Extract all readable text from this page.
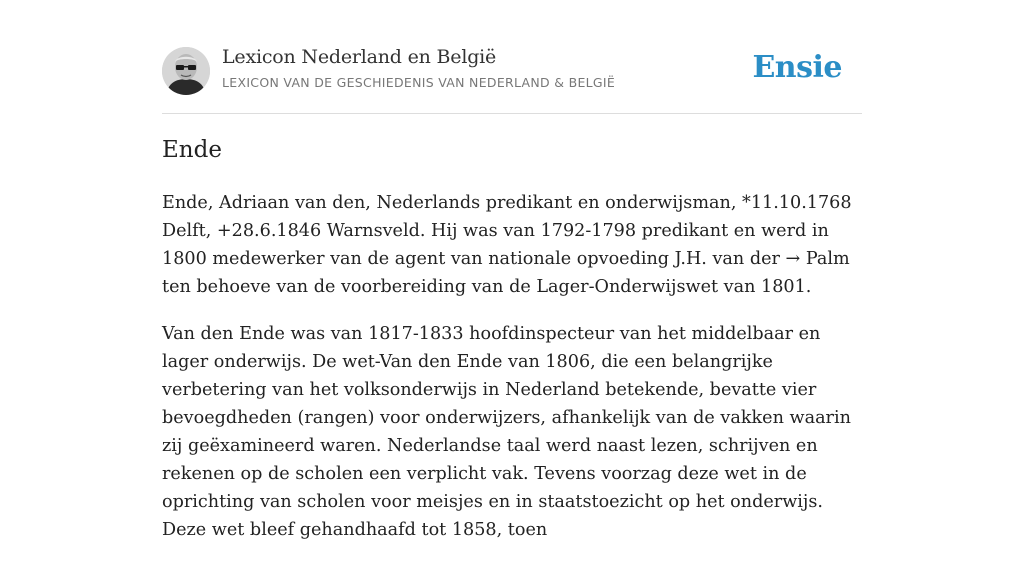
Lexicon Nederland en België
LEXICON VAN DE GESCHIEDENIS VAN NEDERLAND & BELGIË	Ensie
Ende

Ende, Adriaan van den, Nederlands predikant en onderwijsman, *11.10.1768 Delft, +28.6.1846 Warnsveld. Hij was van 1792-1798 predikant en werd in 1800 medewerker van de agent van nationale opvoeding J.H. van der → Palm ten behoeve van de voorbereiding van de Lager-Onderwijswet van 1801.

Van den Ende was van 1817-1833 hoofdinspecteur van het middelbaar en lager onderwijs. De wet-Van den Ende van 1806, die een belangrijke verbetering van het volksonderwijs in Nederland betekende, bevatte vier bevoegdheden (rangen) voor onderwijzers, afhankelijk van de vakken waarin zij geëxamineerd waren. Nederlandse taal werd naast lezen, schrijven en rekenen op de scholen een verplicht vak. Tevens voorzag deze wet in de oprichting van scholen voor meisjes en in staatstoezicht op het onderwijs. Deze wet bleef gehandhaafd tot 1858, toen
